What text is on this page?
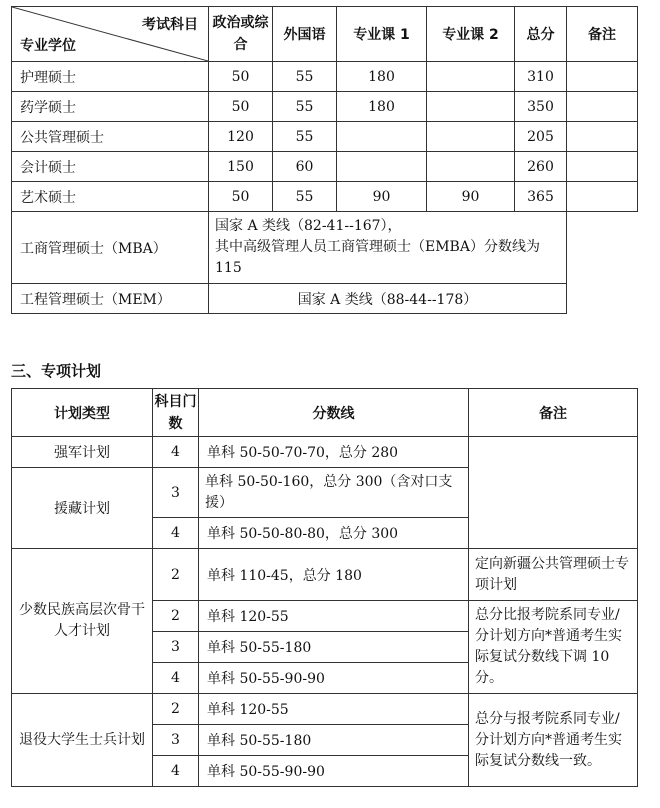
考试科目
专业学位	政治或综合	外国语	专业课 1	专业课 2	总分	备注
护理硕士	50	55	180		310	
药学硕士	50	55	180		350	
公共管理硕士	120	55			205	
会计硕士	150	60			260	
艺术硕士	50	55	90	90	365	
工商管理硕士（MBA）	国家 A 类线（82-41--167），
其中高级管理人员工商管理硕士（EMBA）分数线为 115					

工程管理硕士（MEM）	国家 A 类线（88-44--178）					
三、专项计划
计划类型	科目门数	分数线	备注
强军计划	4	单科 50-50-70-70，总分 280	
援藏计划	3	单科 50-50-160，总分 300（含对口支援）	
	4	单科 50-50-80-80，总分 300	
少数民族高层次骨干人才计划	2	单科 110-45，总分 180	定向新疆公共管理硕士专项计划
	2	单科 120-55	总分比报考院系同专业/分计划方向*普通考生实际复试分数线下调 10分。
	3	单科 50-55-180	
	4	单科 50-55-90-90	
退役大学生士兵计划	2	单科 120-55	总分与报考院系同专业/分计划方向*普通考生实际复试分数线一致。
	3	单科 50-55-180	
	4	单科 50-55-90-90	
